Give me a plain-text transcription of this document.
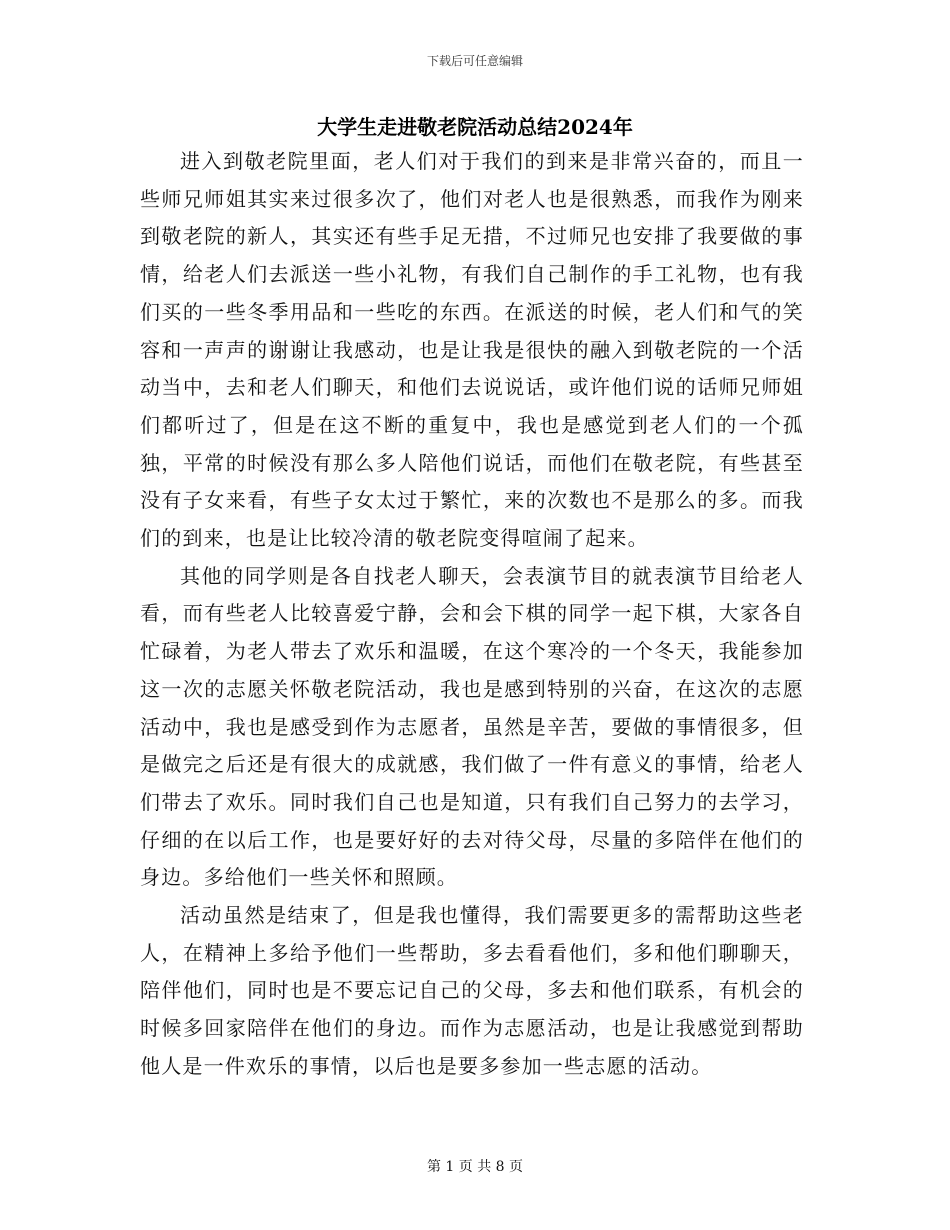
下载后可任意编辑
大学生走进敬老院活动总结2024年

进入到敬老院里面，老人们对于我们的到来是非常兴奋的，而且一些师兄师姐其实来过很多次了，他们对老人也是很熟悉，而我作为刚来到敬老院的新人，其实还有些手足无措，不过师兄也安排了我要做的事情，给老人们去派送一些小礼物，有我们自己制作的手工礼物，也有我们买的一些冬季用品和一些吃的东西。在派送的时候，老人们和气的笑容和一声声的谢谢让我感动，也是让我是很快的融入到敬老院的一个活动当中，去和老人们聊天，和他们去说说话，或许他们说的话师兄师姐们都听过了，但是在这不断的重复中，我也是感觉到老人们的一个孤独，平常的时候没有那么多人陪他们说话，而他们在敬老院，有些甚至没有子女来看，有些子女太过于繁忙，来的次数也不是那么的多。而我们的到来，也是让比较冷清的敬老院变得喧闹了起来。

其他的同学则是各自找老人聊天，会表演节目的就表演节目给老人看，而有些老人比较喜爱宁静，会和会下棋的同学一起下棋，大家各自忙碌着，为老人带去了欢乐和温暖，在这个寒冷的一个冬天，我能参加这一次的志愿关怀敬老院活动，我也是感到特别的兴奋，在这次的志愿活动中，我也是感受到作为志愿者，虽然是辛苦，要做的事情很多，但是做完之后还是有很大的成就感，我们做了一件有意义的事情，给老人们带去了欢乐。同时我们自己也是知道，只有我们自己努力的去学习，仔细的在以后工作，也是要好好的去对待父母，尽量的多陪伴在他们的身边。多给他们一些关怀和照顾。

活动虽然是结束了，但是我也懂得，我们需要更多的需帮助这些老人，在精神上多给予他们一些帮助，多去看看他们，多和他们聊聊天，陪伴他们，同时也是不要忘记自己的父母，多去和他们联系，有机会的时候多回家陪伴在他们的身边。而作为志愿活动，也是让我感觉到帮助他人是一件欢乐的事情，以后也是要多参加一些志愿的活动。

第 1 页 共 8 页
